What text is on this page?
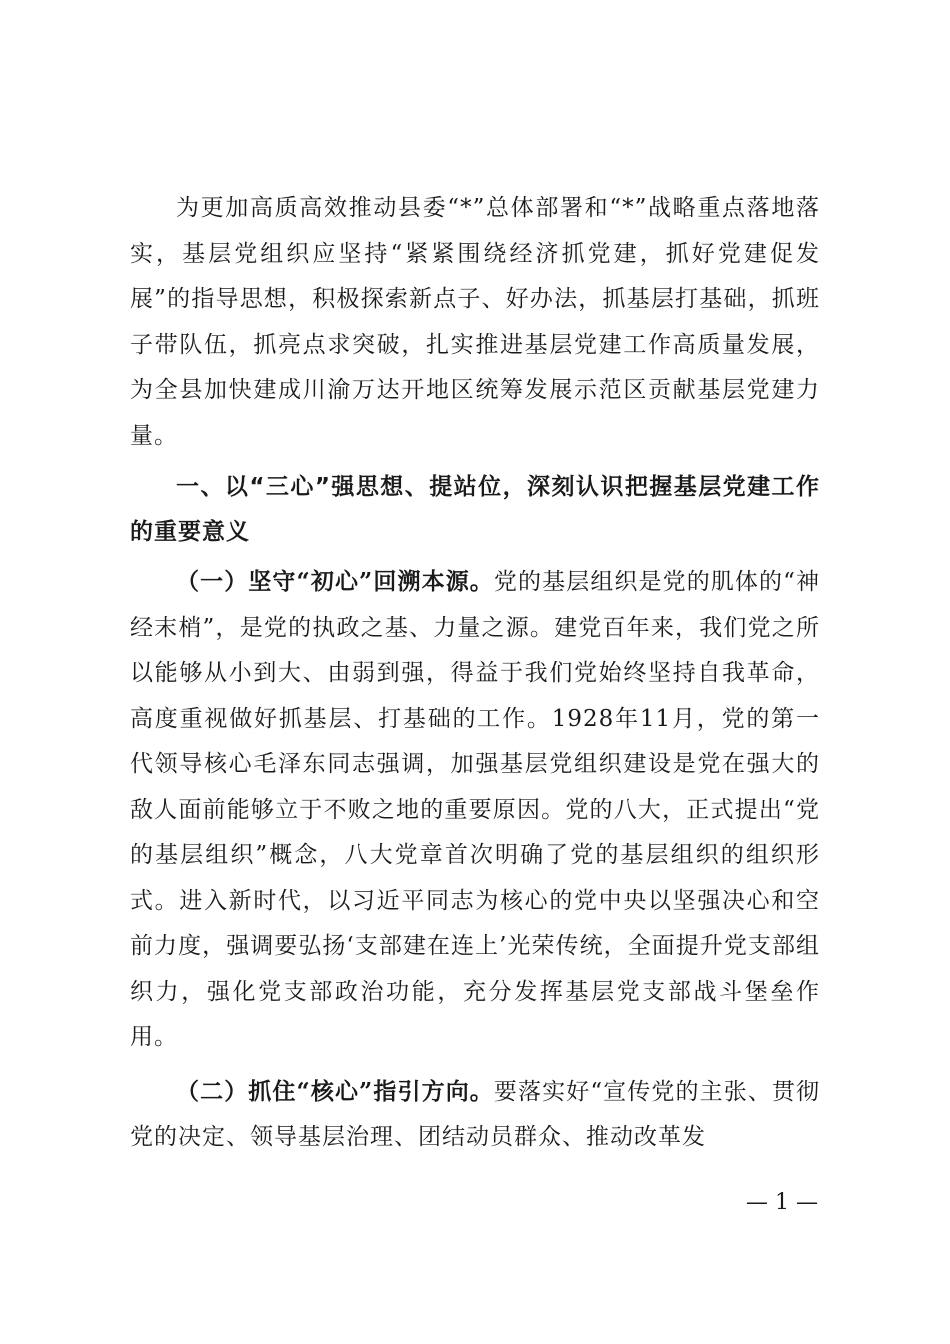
为更加高质高效推动县委“*”总体部署和“*”战略重点落地落实，基层党组织应坚持“紧紧围绕经济抓党建，抓好党建促发展”的指导思想，积极探索新点子、好办法，抓基层打基础，抓班子带队伍，抓亮点求突破，扎实推进基层党建工作高质量发展，为全县加快建成川渝万达开地区统筹发展示范区贡献基层党建力量。

一、以“三心”强思想、提站位，深刻认识把握基层党建工作的重要意义

（一）坚守“初心”回溯本源。党的基层组织是党的肌体的“神经末梢”，是党的执政之基、力量之源。建党百年来，我们党之所以能够从小到大、由弱到强，得益于我们党始终坚持自我革命，高度重视做好抓基层、打基础的工作。1928年11月，党的第一代领导核心毛泽东同志强调，加强基层党组织建设是党在强大的敌人面前能够立于不败之地的重要原因。党的八大，正式提出“党的基层组织”概念，八大党章首次明确了党的基层组织的组织形式。进入新时代，以习近平同志为核心的党中央以坚强决心和空前力度，强调要弘扬‘支部建在连上’光荣传统，全面提升党支部组织力，强化党支部政治功能，充分发挥基层党支部战斗堡垒作用。

（二）抓住“核心”指引方向。要落实好“宣传党的主张、贯彻党的决定、领导基层治理、团结动员群众、推动改革发

— 1 —
